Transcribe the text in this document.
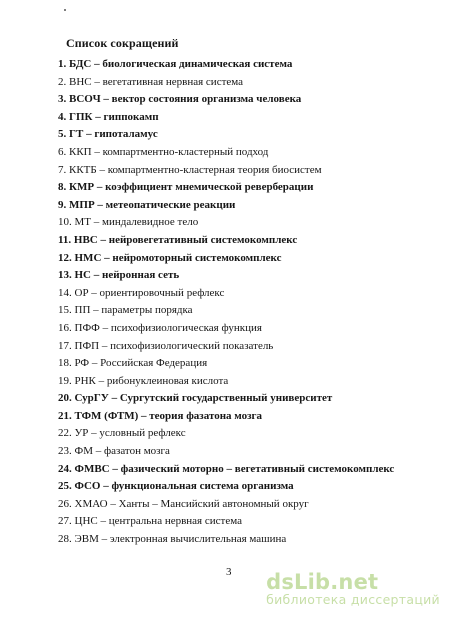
Список сокращений
1. БДС – биологическая динамическая система
2. ВНС – вегетативная нервная система
3. ВСОЧ – вектор состояния организма человека
4. ГПК – гиппокамп
5. ГТ – гипоталамус
6. ККП – компартментно-кластерный подход
7. ККТБ – компартментно-кластерная теория биосистем
8. КМР – коэффициент мнемической реверберации
9. МПР – метеопатические реакции
10. МТ – миндалевидное тело
11. НВС – нейровегетативный системокомплекс
12. НМС – нейромоторный системокомплекс
13. НС – нейронная сеть
14. ОР – ориентировочный рефлекс
15. ПП – параметры порядка
16. ПФФ – психофизиологическая функция
17. ПФП – психофизиологический показатель
18. РФ – Российская Федерация
19. РНК – рибонуклеиновая кислота
20. СурГУ – Сургутский государственный университет
21. ТФМ (ФТМ) – теория фазатона мозга
22. УР – условный рефлекс
23. ФМ – фазатон мозга
24. ФМВС – фазический моторно – вегетативный системокомплекс
25. ФСО – функциональная система организма
26. ХМАО – Ханты – Мансийский автономный округ
27. ЦНС – центральна нервная система
28. ЭВМ – электронная вычислительная машина
3 dsLib.net
библиотека диссертаций
